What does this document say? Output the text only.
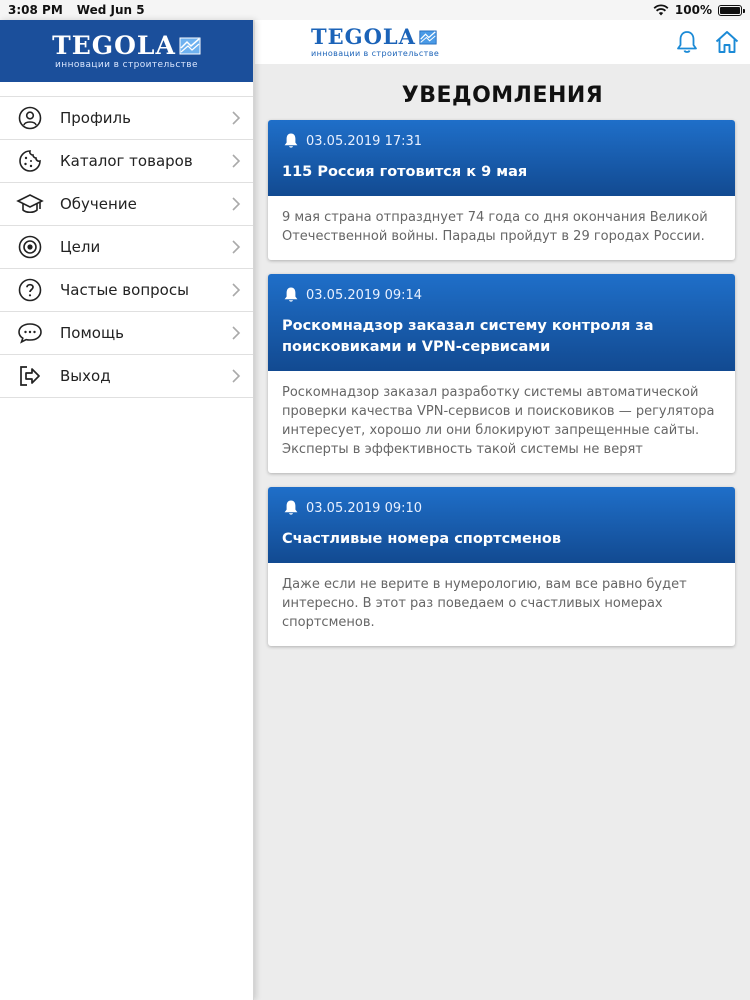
3:08 PM Wed Jun 5	100%
TEGOLA
инновации в строительстве
Профиль
Каталог товаров
Обучение
Цели
Частые вопросы
Помощь
Выход
TEGOLA
инновации в строительстве
УВЕДОМЛЕНИЯ
03.05.2019 17:31
115 Россия готовится к 9 мая
9 мая страна отпразднует 74 года со дня окончания Великой Отечественной войны. Парады пройдут в 29 городах России.
03.05.2019 09:14
Роскомнадзор заказал систему контроля за поисковиками и VPN-сервисами
Роскомнадзор заказал разработку системы автоматической проверки качества VPN-сервисов и поисковиков — регулятора интересует, хорошо ли они блокируют запрещенные сайты. Эксперты в эффективность такой системы не верят
03.05.2019 09:10
Счастливые номера спортсменов
Даже если не верите в нумерологию, вам все равно будет интересно. В этот раз поведаем о счастливых номерах спортсменов.
